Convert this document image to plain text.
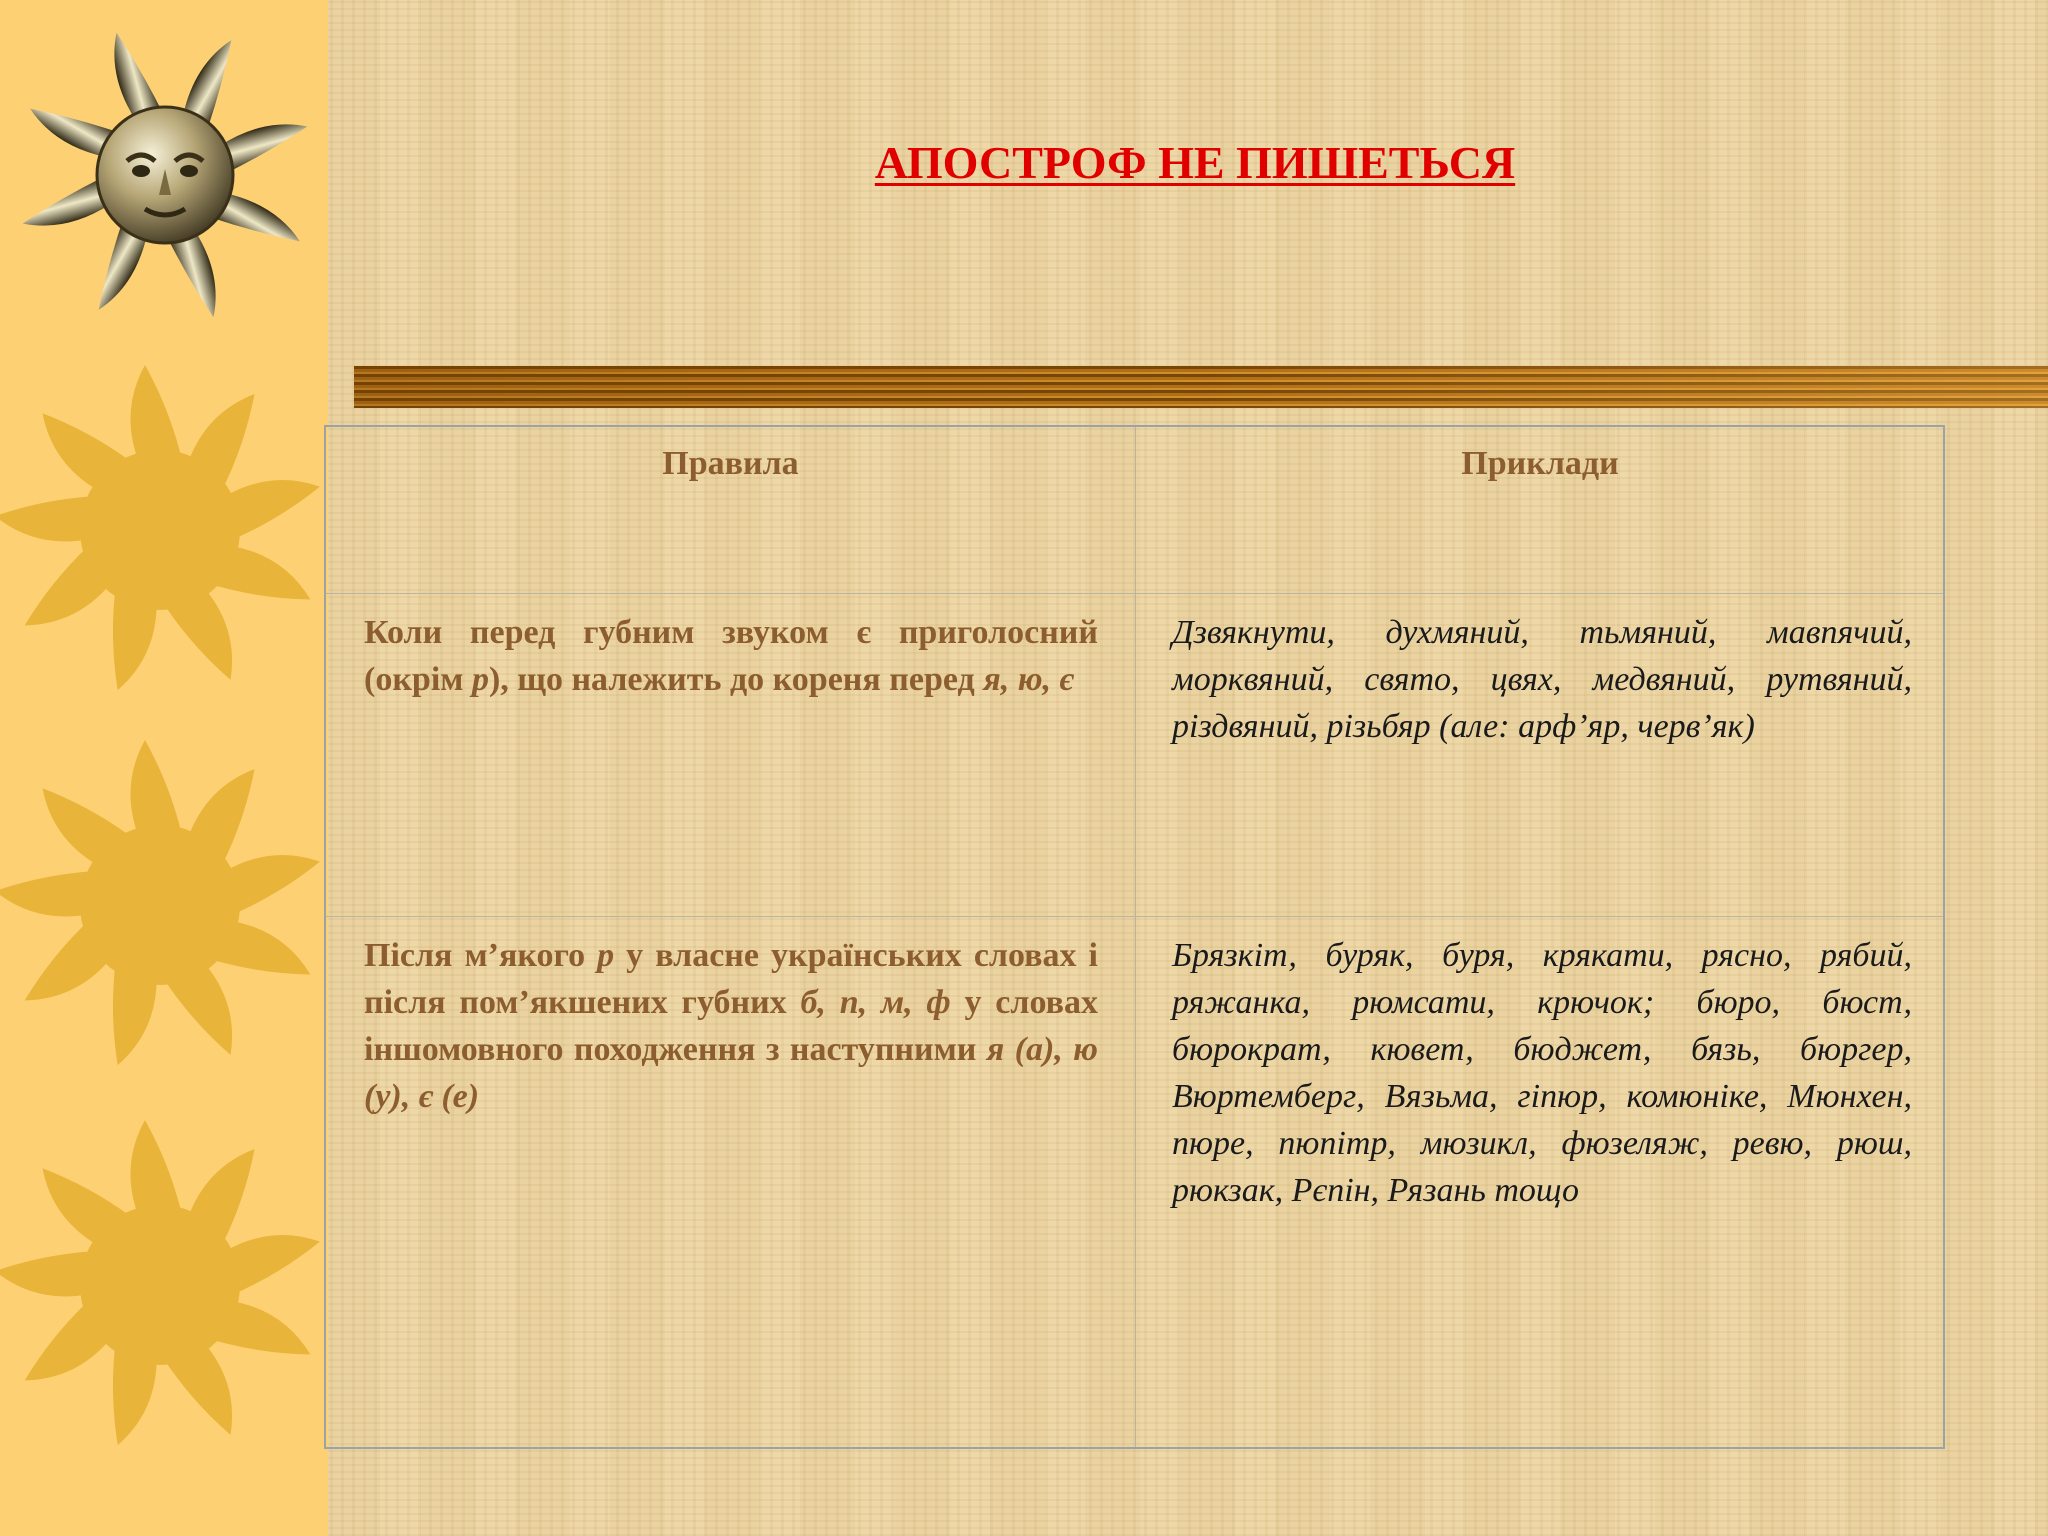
АПОСТРОФ НЕ ПИШЕТЬСЯ
Правила	Приклади
Коли перед губним звуком є приголосний (окрім р), що належить до кореня перед я, ю, є
Дзвякнути, духмяний, тьмяний, мавпячий, морквяний, свято, цвях, медвяний, рутвяний, різдвяний, різьбяр (але: арф’яр, черв’як)
Після м’якого р у власне українських словах і після пом’якшених губних б, п, м, ф у словах іншомовного походження з наступними я (а), ю (у), є (е)
Брязкіт, буряк, буря, крякати, рясно, рябий, ряжанка, рюмсати, крючок; бюро, бюст, бюрократ, кювет, бюджет, бязь, бюргер, Вюртемберг, Вязьма, гіпюр, комюніке, Мюнхен, пюре, пюпітр, мюзикл, фюзеляж, ревю, рюш, рюкзак, Рєпін, Рязань тощо
